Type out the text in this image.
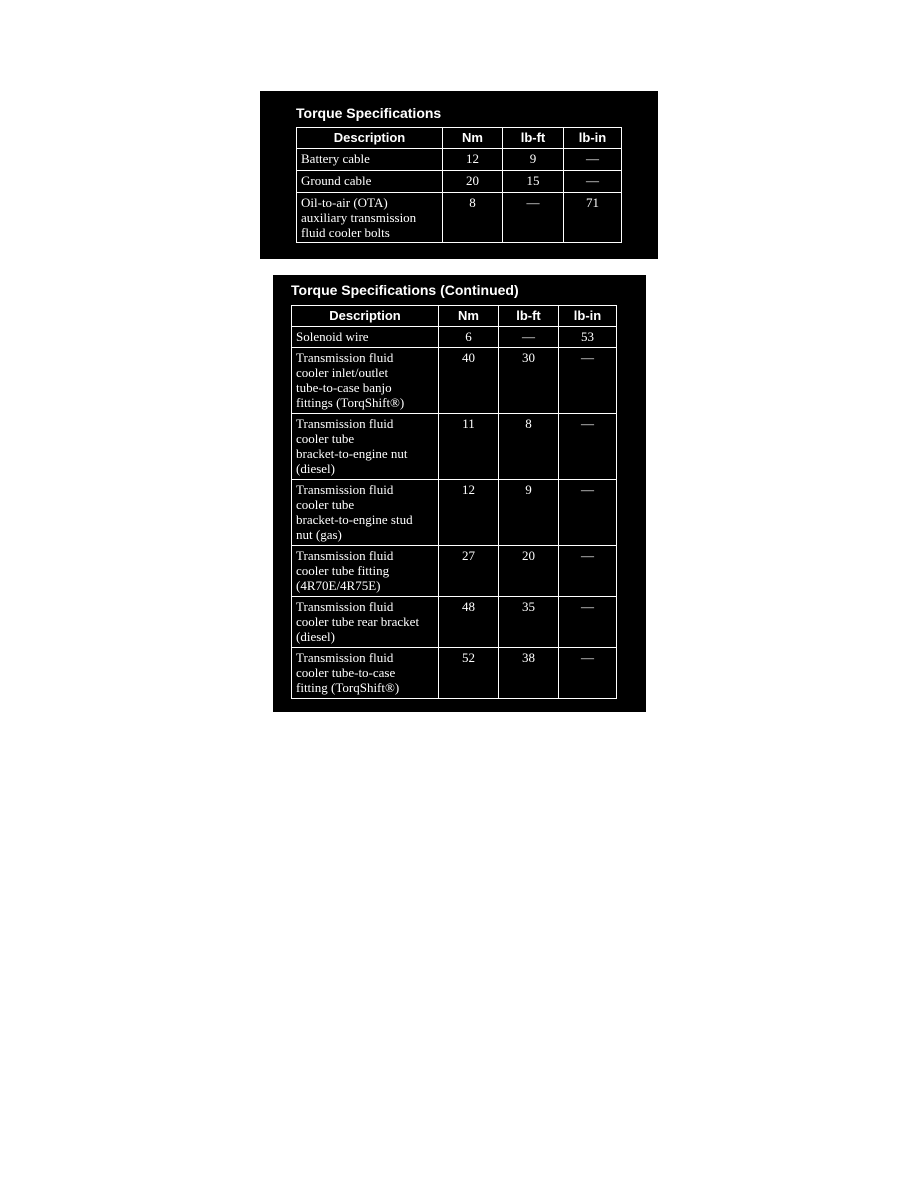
Torque Specifications
Description	Nm	lb-ft	lb-in
Battery cable	12	9	—
Ground cable	20	15	—
Oil-to-air (OTA)
auxiliary transmission
fluid cooler bolts	8	—	71
Torque Specifications (Continued)
Description	Nm	lb-ft	lb-in
Solenoid wire	6	—	53
Transmission fluid
cooler inlet/outlet
tube-to-case banjo
fittings (TorqShift®)	40	30	—
Transmission fluid
cooler tube
bracket-to-engine nut
(diesel)	11	8	—
Transmission fluid
cooler tube
bracket-to-engine stud
nut (gas)	12	9	—
Transmission fluid
cooler tube fitting
(4R70E/4R75E)	27	20	—
Transmission fluid
cooler tube rear bracket
(diesel)	48	35	—
Transmission fluid
cooler tube-to-case
fitting (TorqShift®)	52	38	—
